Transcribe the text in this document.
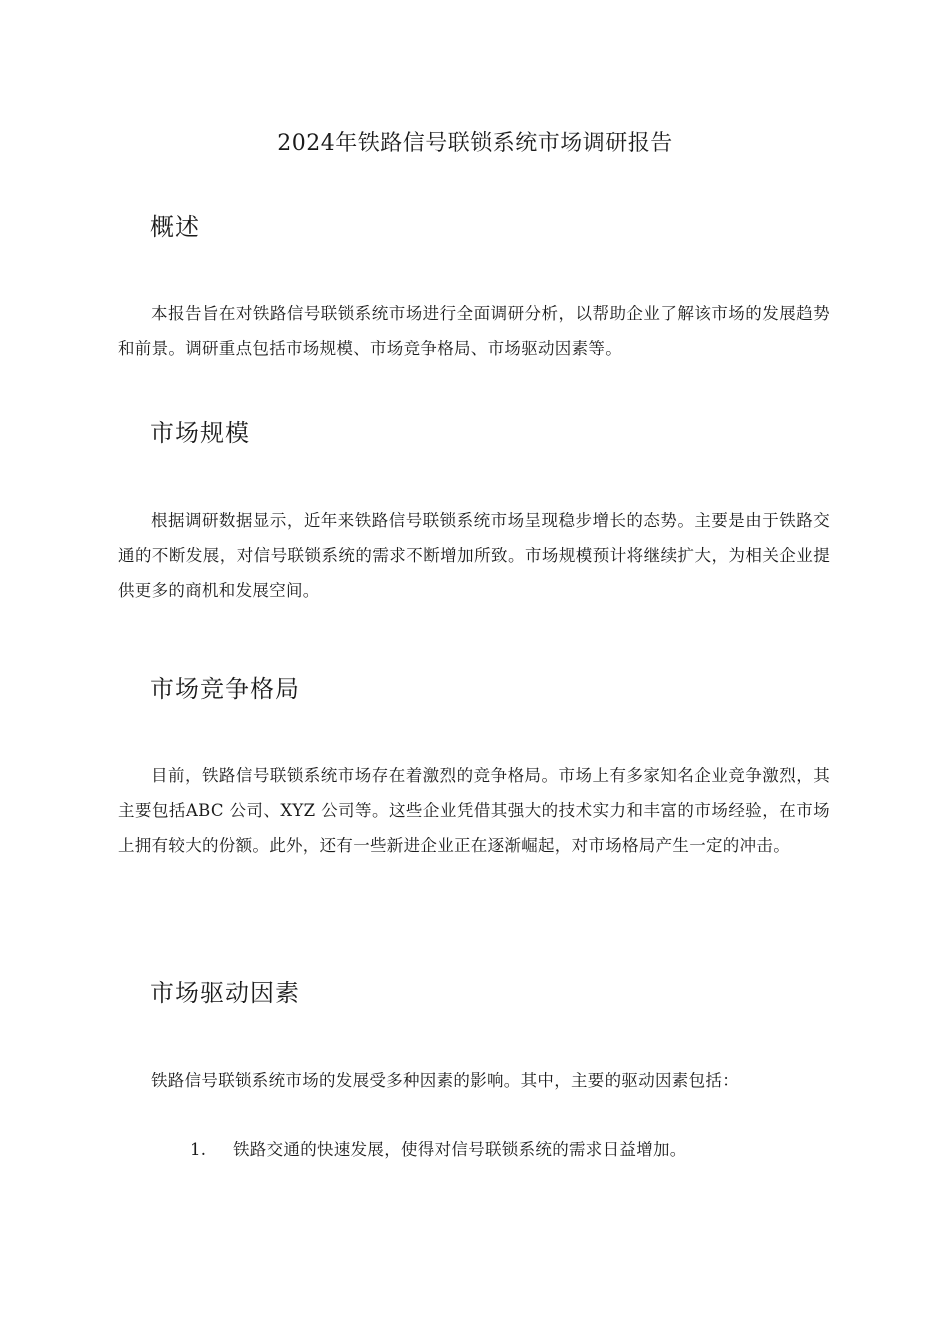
2024年铁路信号联锁系统市场调研报告
概述
本报告旨在对铁路信号联锁系统市场进行全面调研分析，以帮助企业了解该市场的发展趋势和前景。调研重点包括市场规模、市场竞争格局、市场驱动因素等。
市场规模
根据调研数据显示，近年来铁路信号联锁系统市场呈现稳步增长的态势。主要是由于铁路交通的不断发展，对信号联锁系统的需求不断增加所致。市场规模预计将继续扩大，为相关企业提供更多的商机和发展空间。
市场竞争格局
目前，铁路信号联锁系统市场存在着激烈的竞争格局。市场上有多家知名企业竞争激烈，其主要包括ABC 公司、XYZ 公司等。这些企业凭借其强大的技术实力和丰富的市场经验，在市场上拥有较大的份额。此外，还有一些新进企业正在逐渐崛起，对市场格局产生一定的冲击。
市场驱动因素
铁路信号联锁系统市场的发展受多种因素的影响。其中，主要的驱动因素包括：
1. 铁路交通的快速发展，使得对信号联锁系统的需求日益增加。
